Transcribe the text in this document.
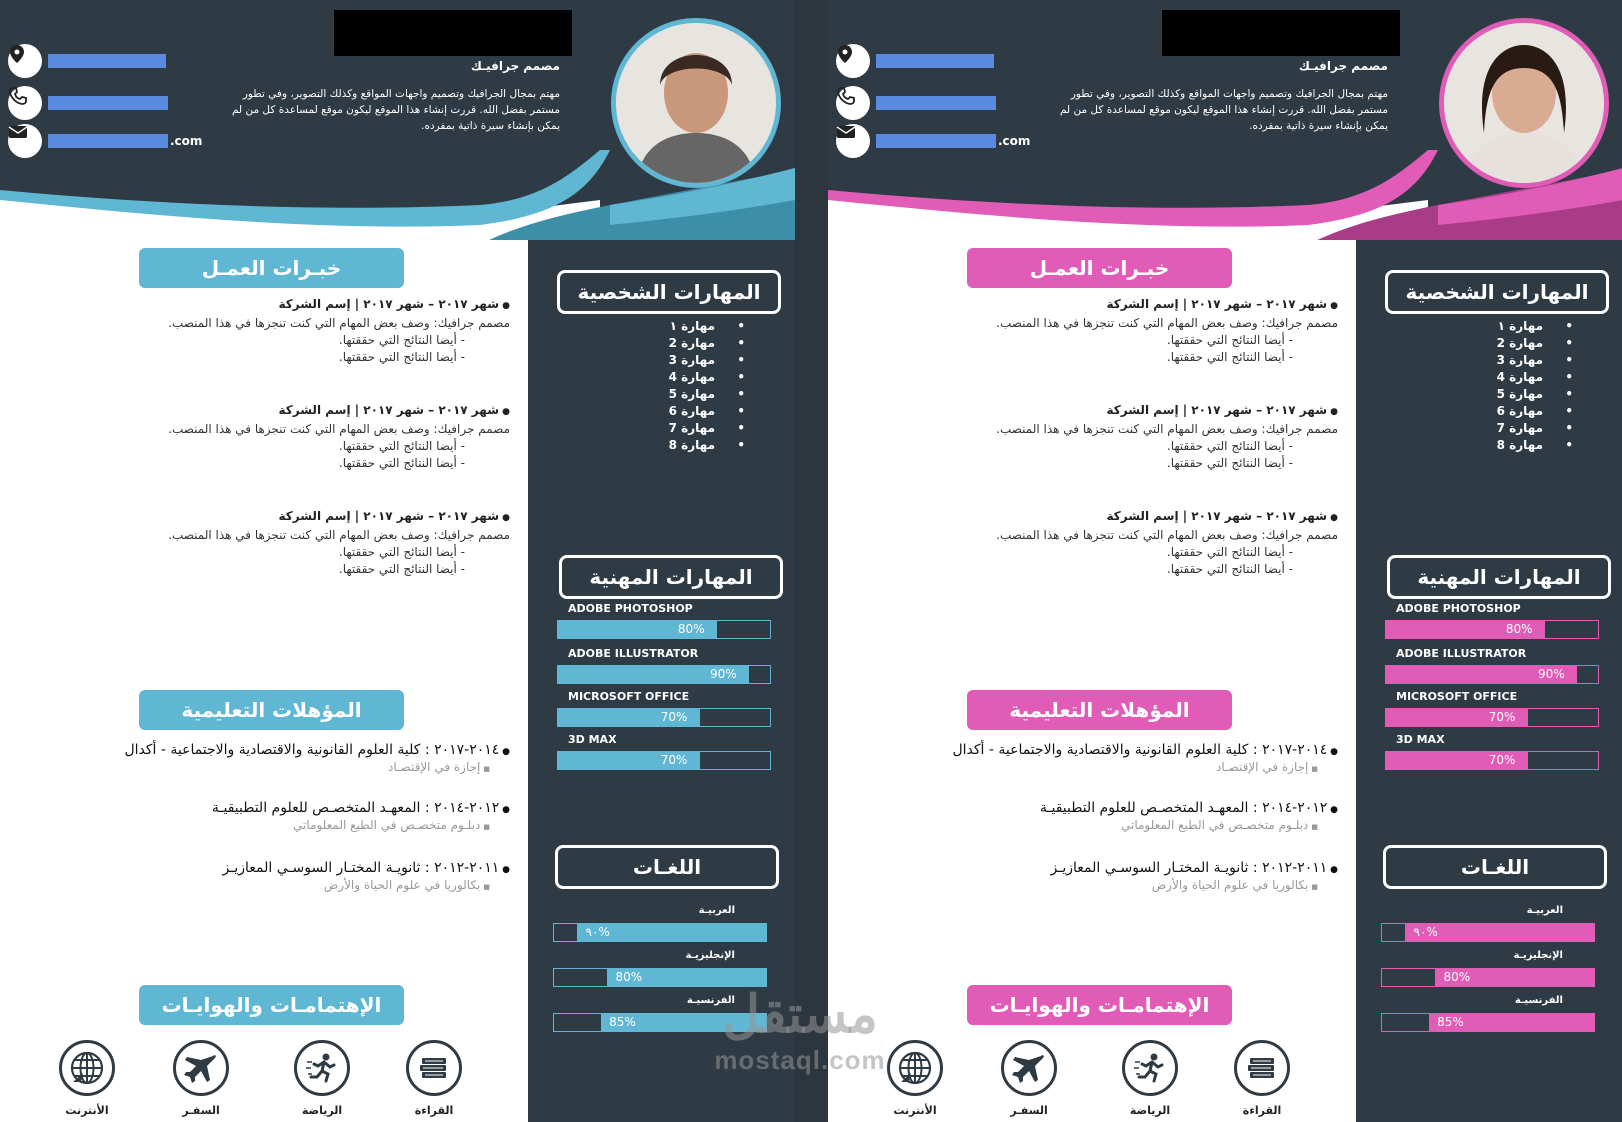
مصمم جرافيـك
مهتم بمجال الجرافيك وتصميم واجهات المواقع وكذلك التصوير، وفي تطور مستمر بفضل الله. قررت إنشاء هذا الموقع ليكون موقع لمساعدة كل من لم يمكن بإنشاء سيرة ذاتية بمفرده.
.com
المهارات الشخصية
• مهارة ١
• مهارة 2
• مهارة 3
• مهارة 4
• مهارة 5
• مهارة 6
• مهارة 7
• مهارة 8
المهارات المهنية
ADOBE PHOTOSHOP
80%
ADOBE ILLUSTRATOR
90%
MICROSOFT OFFICE
70%
3D MAX
70%
اللغـات
العربيـة
٩٠%
الإنجليزيـة
80%
الفرنسيـة
85%
خبـرات العمـل
● شهر ٢٠١٧ – شهر ٢٠١٧ | إسم الشركة
مصمم جرافيك: وصف بعض المهام التي كنت تنجزها في هذا المنصب.
- أيضا النتائج التي حققتها.
- أيضا النتائج التي حققتها.
● شهر ٢٠١٧ – شهر ٢٠١٧ | إسم الشركة
مصمم جرافيك: وصف بعض المهام التي كنت تنجزها في هذا المنصب.
- أيضا النتائج التي حققتها.
- أيضا النتائج التي حققتها.
● شهر ٢٠١٧ – شهر ٢٠١٧ | إسم الشركة
مصمم جرافيك: وصف بعض المهام التي كنت تنجزها في هذا المنصب.
- أيضا النتائج التي حققتها.
- أيضا النتائج التي حققتها.
المؤهلات التعليمية
● ٢٠١٤-٢٠١٧ : كلية العلوم القانونية والاقتصادية والاجتماعية - أكدال
■ إجازة في الإقتصـاد
● ٢٠١٢-٢٠١٤ : المعهـد المتخصـص للعلوم التطبيقيـة
■ دبلـوم متخصـص في الطبع المعلوماتي
● ٢٠١١-٢٠١٢ : ثانويـة المختـار السوسـي المعازيـز
■ بكالوريا في علوم الحياة والأرض
الإهتمامـات والهوايـات
القراءة
الرياضة
السفـر
الأنترنت
مصمم جرافيـك
مهتم بمجال الجرافيك وتصميم واجهات المواقع وكذلك التصوير، وفي تطور مستمر بفضل الله. قررت إنشاء هذا الموقع ليكون موقع لمساعدة كل من لم يمكن بإنشاء سيرة ذاتية بمفرده.
.com
المهارات الشخصية
• مهارة ١
• مهارة 2
• مهارة 3
• مهارة 4
• مهارة 5
• مهارة 6
• مهارة 7
• مهارة 8
المهارات المهنية
ADOBE PHOTOSHOP
80%
ADOBE ILLUSTRATOR
90%
MICROSOFT OFFICE
70%
3D MAX
70%
اللغـات
العربيـة
٩٠%
الإنجليزيـة
80%
الفرنسيـة
85%
خبـرات العمـل
● شهر ٢٠١٧ – شهر ٢٠١٧ | إسم الشركة
مصمم جرافيك: وصف بعض المهام التي كنت تنجزها في هذا المنصب.
- أيضا النتائج التي حققتها.
- أيضا النتائج التي حققتها.
● شهر ٢٠١٧ – شهر ٢٠١٧ | إسم الشركة
مصمم جرافيك: وصف بعض المهام التي كنت تنجزها في هذا المنصب.
- أيضا النتائج التي حققتها.
- أيضا النتائج التي حققتها.
● شهر ٢٠١٧ – شهر ٢٠١٧ | إسم الشركة
مصمم جرافيك: وصف بعض المهام التي كنت تنجزها في هذا المنصب.
- أيضا النتائج التي حققتها.
- أيضا النتائج التي حققتها.
المؤهلات التعليمية
● ٢٠١٤-٢٠١٧ : كلية العلوم القانونية والاقتصادية والاجتماعية - أكدال
■ إجازة في الإقتصـاد
● ٢٠١٢-٢٠١٤ : المعهـد المتخصـص للعلوم التطبيقيـة
■ دبلـوم متخصـص في الطبع المعلوماتي
● ٢٠١١-٢٠١٢ : ثانويـة المختـار السوسـي المعازيـز
■ بكالوريا في علوم الحياة والأرض
الإهتمامـات والهوايـات
القراءة
الرياضة
السفـر
الأنترنت
مستقل
mostaql.com
